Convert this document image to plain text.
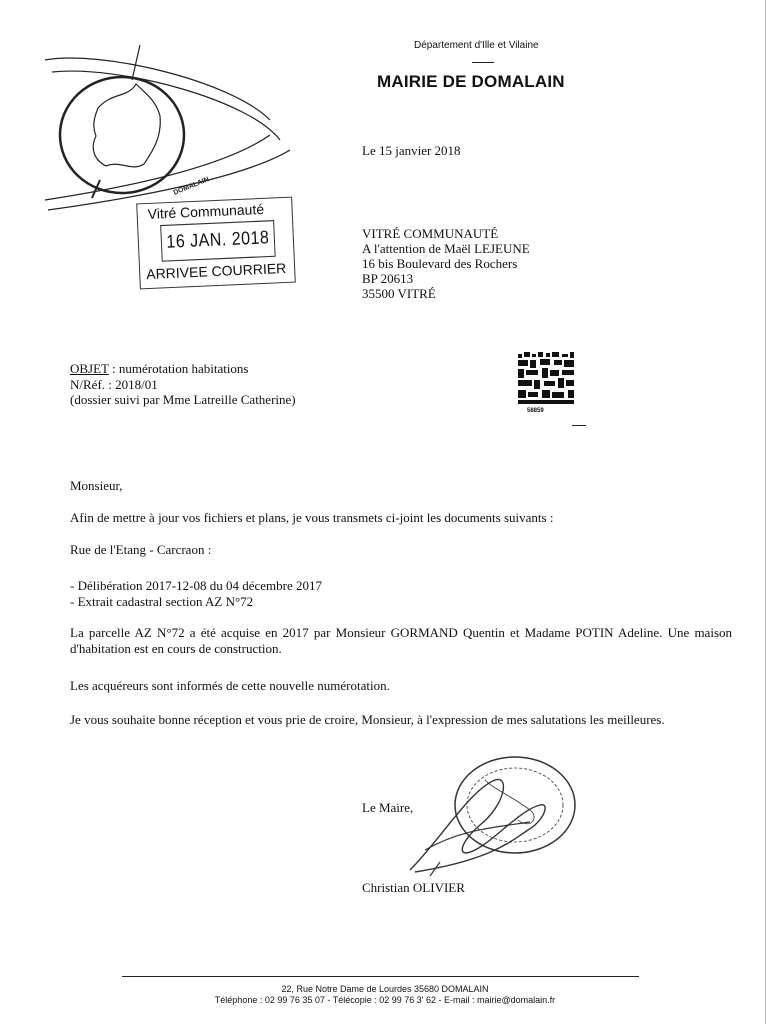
DOMALAIN
Département d'Ille et Vilaine
MAIRIE DE DOMALAIN
Vitré Communauté
16 JAN. 2018
ARRIVEE COURRIER
Le 15 janvier 2018
VITRÉ COMMUNAUTÉ
A l'attention de Maël LEJEUNE
16 bis Boulevard des Rochers
BP 20613
35500 VITRÉ
OBJET : numérotation habitations
N/Réf. : 2018/01
(dossier suivi par Mme Latreille Catherine)
58859

Monsieur,

Afin de mettre à jour vos fichiers et plans, je vous transmets ci-joint les documents suivants :

Rue de l'Etang - Carcraon :

- Délibération 2017-12-08 du 04 décembre 2017
- Extrait cadastral section AZ N°72

La parcelle AZ N°72 a été acquise en 2017 par Monsieur GORMAND Quentin et Madame POTIN Adeline. Une maison d'habitation est en cours de construction.

Les acquéreurs sont informés de cette nouvelle numérotation.

Je vous souhaite bonne réception et vous prie de croire, Monsieur, à l'expression de mes salutations les meilleures.

Le Maire,
Christian OLIVIER
22, Rue Notre Dame de Lourdes 35680 DOMALAIN
Téléphone : 02 99 76 35 07 - Télécopie : 02 99 76 3' 62 - E-mail : mairie@domalain.fr
